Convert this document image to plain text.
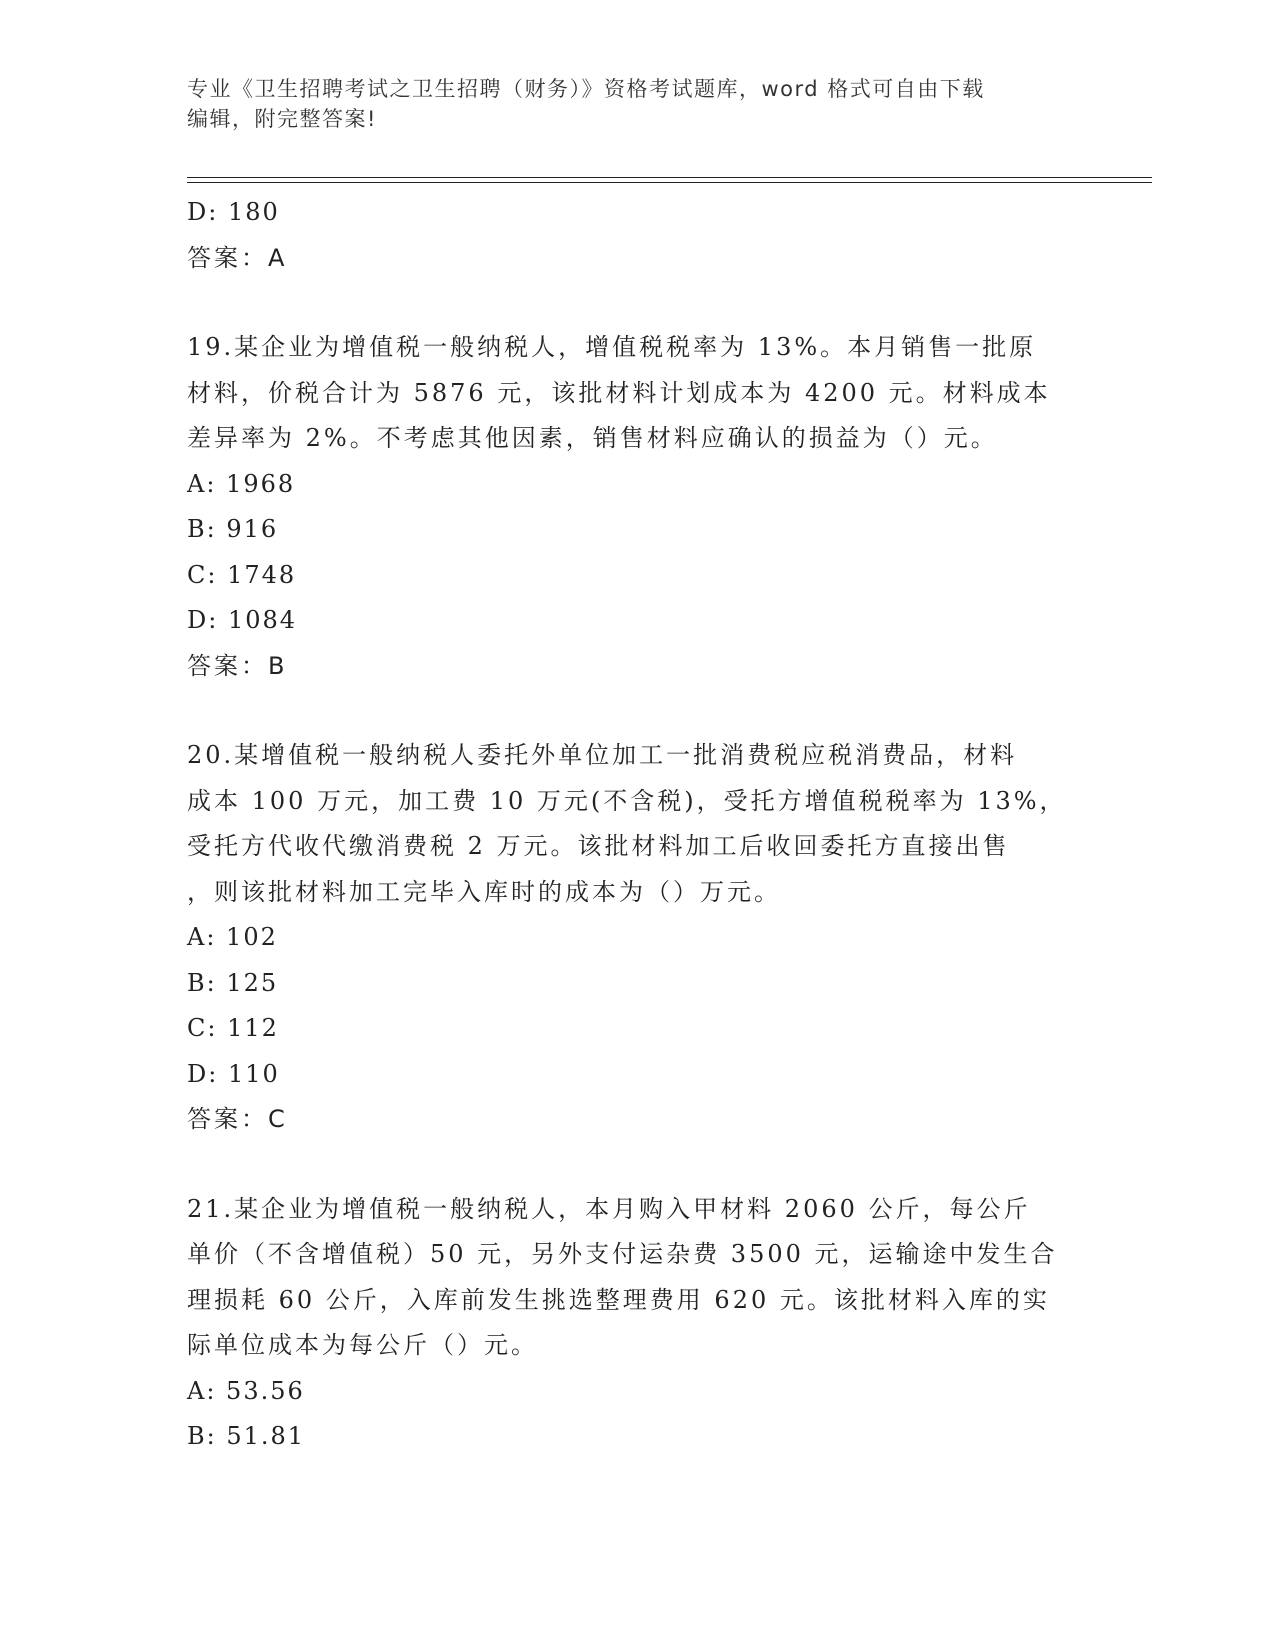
专业《卫生招聘考试之卫生招聘（财务）》资格考试题库，word 格式可自由下载
编辑，附完整答案!
D: 180
答案：A
19.某企业为增值税一般纳税人，增值税税率为 13%。本月销售一批原
材料，价税合计为 5876 元，该批材料计划成本为 4200 元。材料成本
差异率为 2%。不考虑其他因素，销售材料应确认的损益为（）元。
A: 1968
B: 916
C: 1748
D: 1084
答案：B
20.某增值税一般纳税人委托外单位加工一批消费税应税消费品，材料
成本 100 万元，加工费 10 万元(不含税)，受托方增值税税率为 13%，
受托方代收代缴消费税 2 万元。该批材料加工后收回委托方直接出售
，则该批材料加工完毕入库时的成本为（）万元。
A: 102
B: 125
C: 112
D: 110
答案：C
21.某企业为增值税一般纳税人，本月购入甲材料 2060 公斤，每公斤
单价（不含增值税）50 元，另外支付运杂费 3500 元，运输途中发生合
理损耗 60 公斤，入库前发生挑选整理费用 620 元。该批材料入库的实
际单位成本为每公斤（）元。
A: 53.56
B: 51.81
